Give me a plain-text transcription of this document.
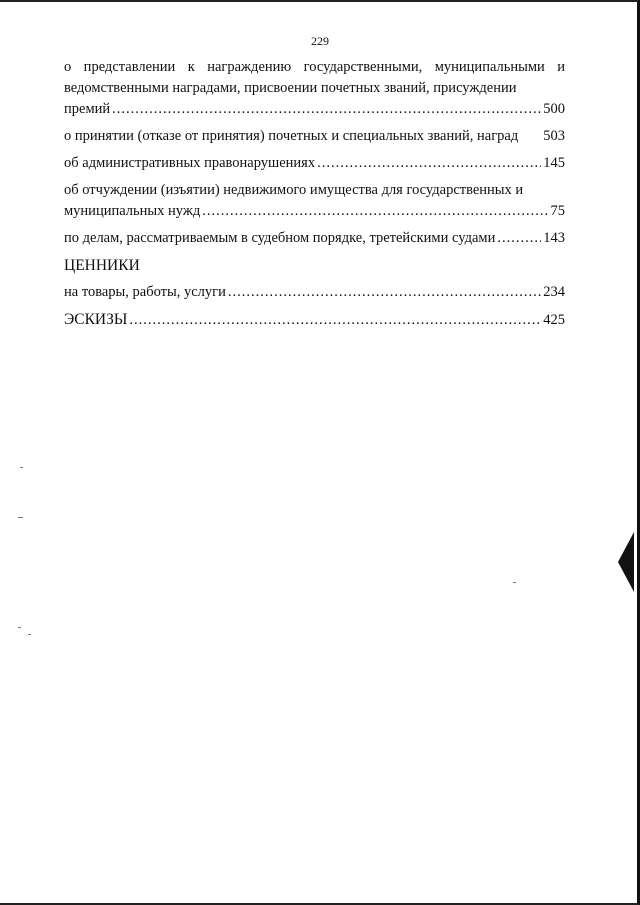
229
о представлении к награждению государственными, муниципальными и ведомственными наградами, присвоении почетных званий, присуждении
премий .....	500
о принятии (отказе от принятия) почетных и специальных званий, наград 503
об административных правонарушениях .....	145
об отчуждении (изъятии) недвижимого имущества для государственных и
муниципальных нужд .....	75
по делам, рассматриваемым в судебном порядке, третейскими судами .....	143
ЦЕННИКИ
на товары, работы, услуги .....	234
ЭСКИЗЫ .....	425
